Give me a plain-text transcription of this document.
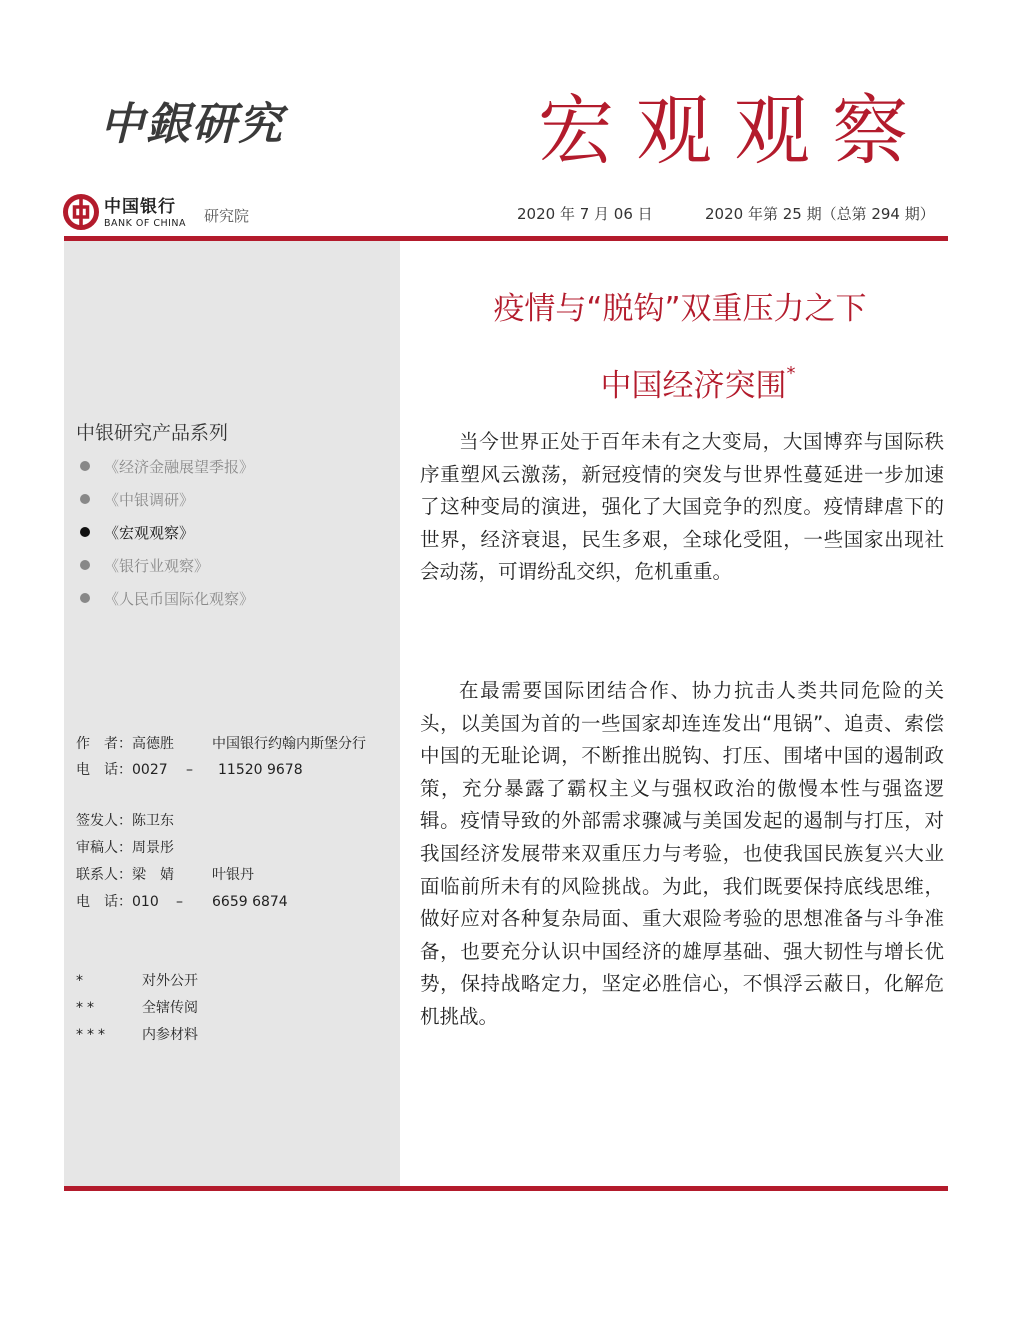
中銀研究	宏观观察
中国银行
BANK OF CHINA 研究院	2020 年 7 月 06 日	2020 年第 25 期（总第 294 期）
中银研究产品系列
《经济金融展望季报》
《中银调研》
《宏观观察》
《银行业观察》
《人民币国际化观察》
作　者：高德胜	中国银行约翰内斯堡分行
电　话：0027 – 11520 9678
签发人：陈卫东
审稿人：周景彤
联系人：梁　婧	叶银丹
电　话：010 – 6659 6874
*	对外公开
**	全辖传阅
*** 内参材料
疫情与“脱钩”双重压力之下
中国经济突围*

当今世界正处于百年未有之大变局，大国博弈与国际秩序重塑风云激荡，新冠疫情的突发与世界性蔓延进一步加速了这种变局的演进，强化了大国竞争的烈度。疫情肆虐下的世界，经济衰退，民生多艰，全球化受阻，一些国家出现社会动荡，可谓纷乱交织，危机重重。

在最需要国际团结合作、协力抗击人类共同危险的关头，以美国为首的一些国家却连连发出“甩锅”、追责、索偿中国的无耻论调，不断推出脱钩、打压、围堵中国的遏制政策，充分暴露了霸权主义与强权政治的傲慢本性与强盗逻辑。疫情导致的外部需求骤减与美国发起的遏制与打压，对我国经济发展带来双重压力与考验，也使我国民族复兴大业面临前所未有的风险挑战。为此，我们既要保持底线思维，做好应对各种复杂局面、重大艰险考验的思想准备与斗争准备，也要充分认识中国经济的雄厚基础、强大韧性与增长优势，保持战略定力，坚定必胜信心，不惧浮云蔽日，化解危机挑战。
